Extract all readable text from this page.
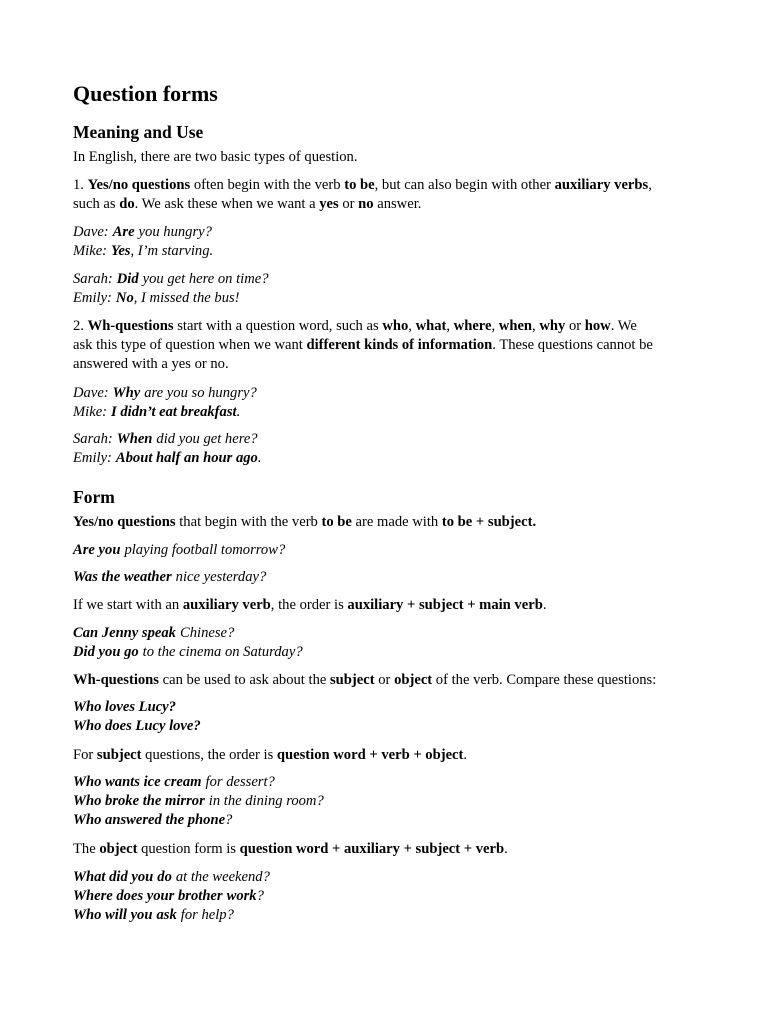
Question forms
Meaning and Use

In English, there are two basic types of question.

1. Yes/no questions often begin with the verb to be, but can also begin with other auxiliary verbs,
such as do. We ask these when we want a yes or no answer.

Dave: Are you hungry?
Mike: Yes, I’m starving.
Sarah: Did you get here on time?
Emily: No, I missed the bus!

2. Wh-questions start with a question word, such as who, what, where, when, why or how. We
ask this type of question when we want different kinds of information. These questions cannot be
answered with a yes or no.

Dave: Why are you so hungry?
Mike: I didn’t eat breakfast.
Sarah: When did you get here?
Emily: About half an hour ago.
Form

Yes/no questions that begin with the verb to be are made with to be + subject.

Are you playing football tomorrow?
Was the weather nice yesterday?

If we start with an auxiliary verb, the order is auxiliary + subject + main verb.

Can Jenny speak Chinese?
Did you go to the cinema on Saturday?

Wh-questions can be used to ask about the subject or object of the verb. Compare these questions:

Who loves Lucy?
Who does Lucy love?

For subject questions, the order is question word + verb + object.

Who wants ice cream for dessert?
Who broke the mirror in the dining room?
Who answered the phone?

The object question form is question word + auxiliary + subject + verb.

What did you do at the weekend?
Where does your brother work?
Who will you ask for help?
